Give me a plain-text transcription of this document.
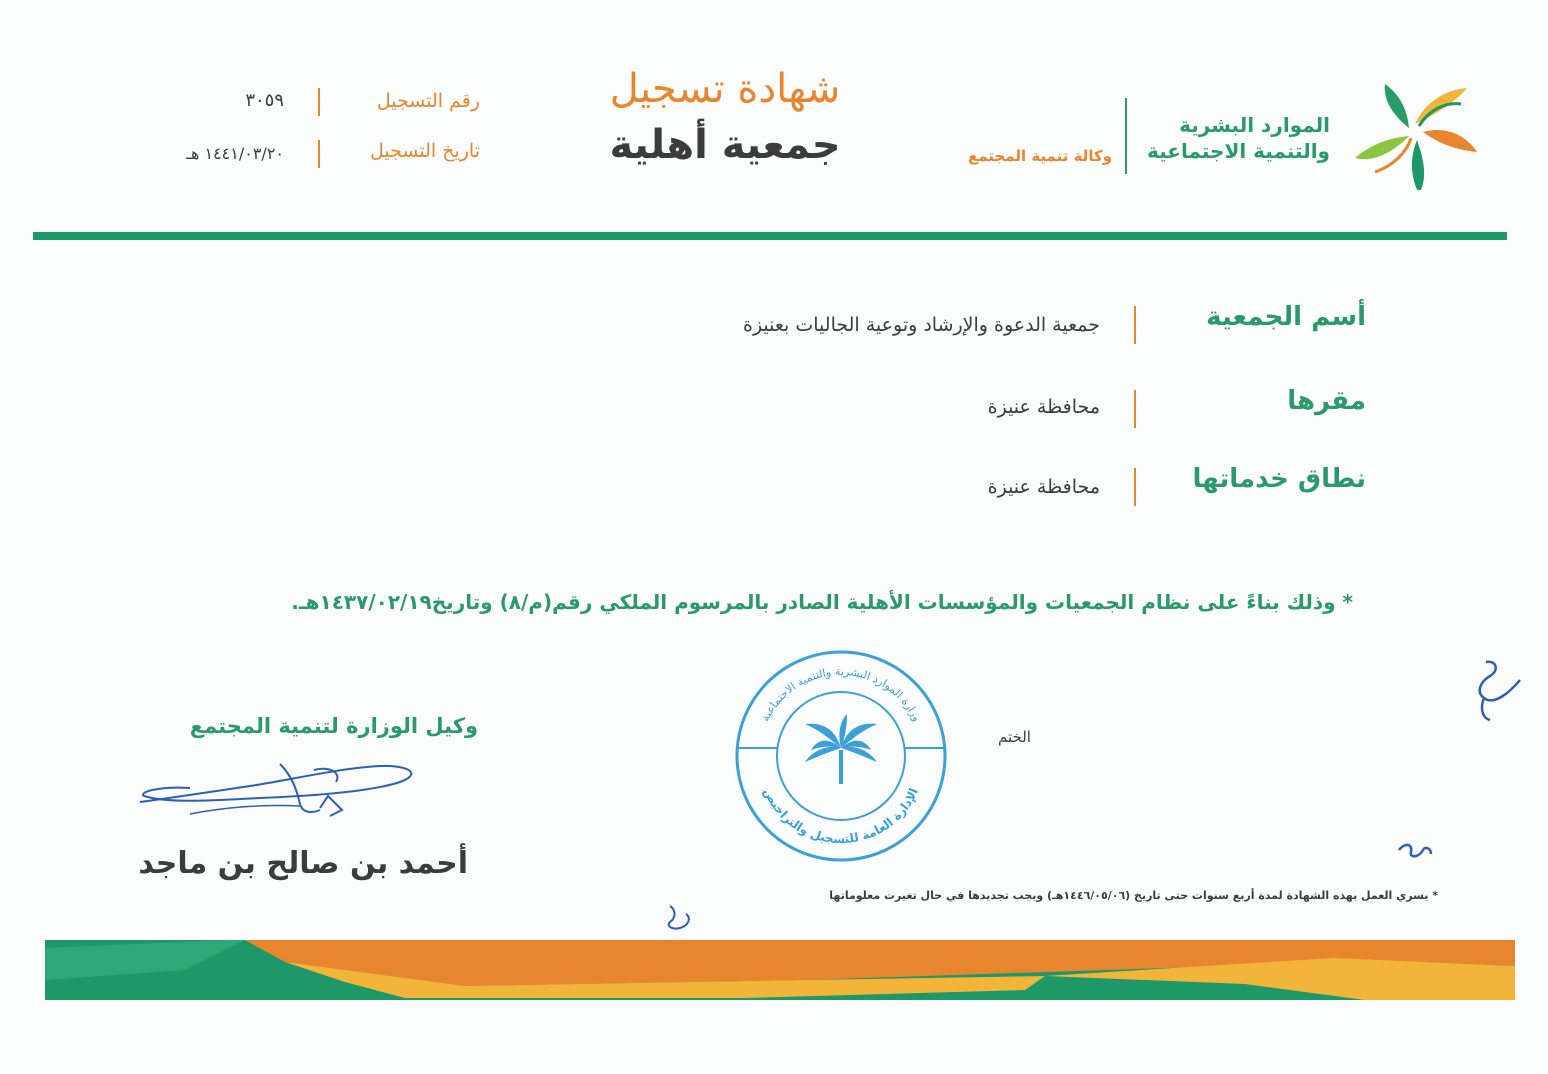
الموارد البشرية
والتنمية الاجتماعية
وكالة تنمية المجتمع
شهادة تسجيل
جمعية أهلية
رقم التسجيل
٣٠٥٩
تاريخ التسجيل
١٤٤١/٠٣/٢٠ هـ
أسم الجمعية
جمعية الدعوة والإرشاد وتوعية الجاليات بعنيزة
مقرها
محافظة عنيزة
نطاق خدماتها
محافظة عنيزة
* وذلك بناءً على نظام الجمعيات والمؤسسات الأهلية الصادر بالمرسوم الملكي رقم(م/٨) وتاريخ١٤٣٧/٠٢/١٩هـ.
وزارة الموارد البشرية والتنمية الاجتماعية
الإدارة العامة للتسجيل والتراخيص
الختم
وكيل الوزارة لتنمية المجتمع
أحمد بن صالح بن ماجد
* يسري العمل بهذه الشهادة لمدة أربع سنوات حتى تاريخ (١٤٤٦/٠٥/٠٦هـ) ويجب تجديدها في حال تغيرت معلوماتها
